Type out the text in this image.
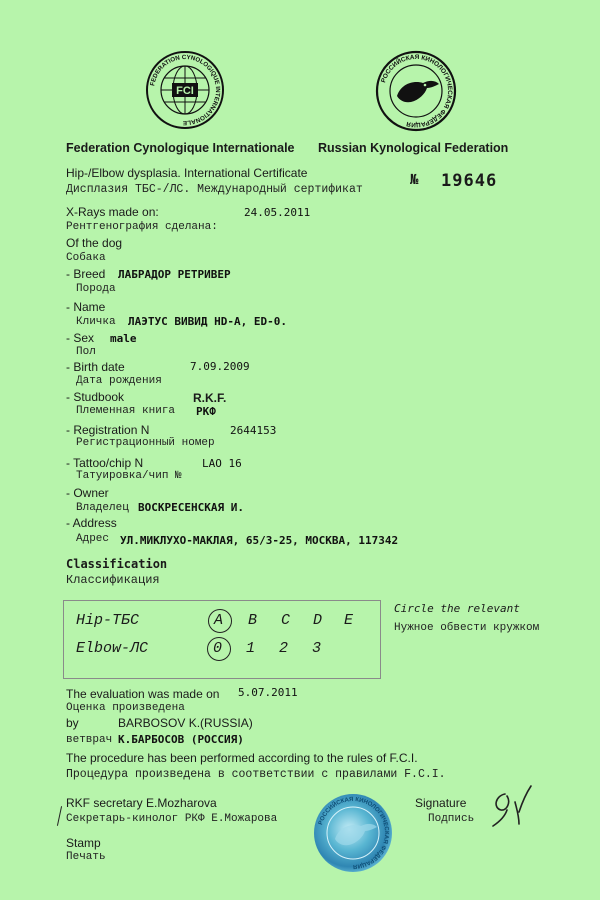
FCI
FEDERATION CYNOLOGIQUE INTERNATIONALE
РОССИЙСКАЯ КИНОЛОГИЧЕСКАЯ ФЕДЕРАЦИЯ
Federation Cynologique Internationale Russian Kynological Federation
Hip-/Elbow dysplasia. International Certificate
Дисплазия ТБС-/ЛС. Международный сертификат
№ 19646
X-Rays made on:	24.05.2011
Рентгенография сделана:
Of the dog
Собака
- Breed ЛАБРАДОР РЕТРИВЕР
Порода
- Name
Кличка ЛАЭТУС ВИВИД HD-A, ED-0.
- Sex male
Пол
- Birth date	7.09.2009
Дата рождения
- Studbook	R.K.F.
Племенная книга РКФ
- Registration N	2644153
Регистрационный номер
- Tattoo/chip N	LAO 16
Татуировка/чип №
- Owner
Владелец ВОСКРЕСЕНСКАЯ И.
- Address
Адрес УЛ.МИКЛУХО-МАКЛАЯ, 65/3-25, МОСКВА, 117342
Classification
Классификация
Hip-ТБС	A B C D E
Elbow-ЛС	0 1 2 3
Circle the relevant
Нужное обвести кружком
The evaluation was made on 5.07.2011
Оценка произведена
by	BARBOSOV K.(RUSSIA)
ветврач К.БАРБОСОВ (РОССИЯ)
The procedure has been performed according to the rules of F.C.I.
Процедура произведена в соответствии с правилами F.C.I.
RKF secretary E.Mozharova
Секретарь-кинолог РКФ Е.Можарова
Signature
Подпись
Stamp
Печать
РОССИЙСКАЯ КИНОЛОГИЧЕСКАЯ ФЕДЕРАЦИЯ
